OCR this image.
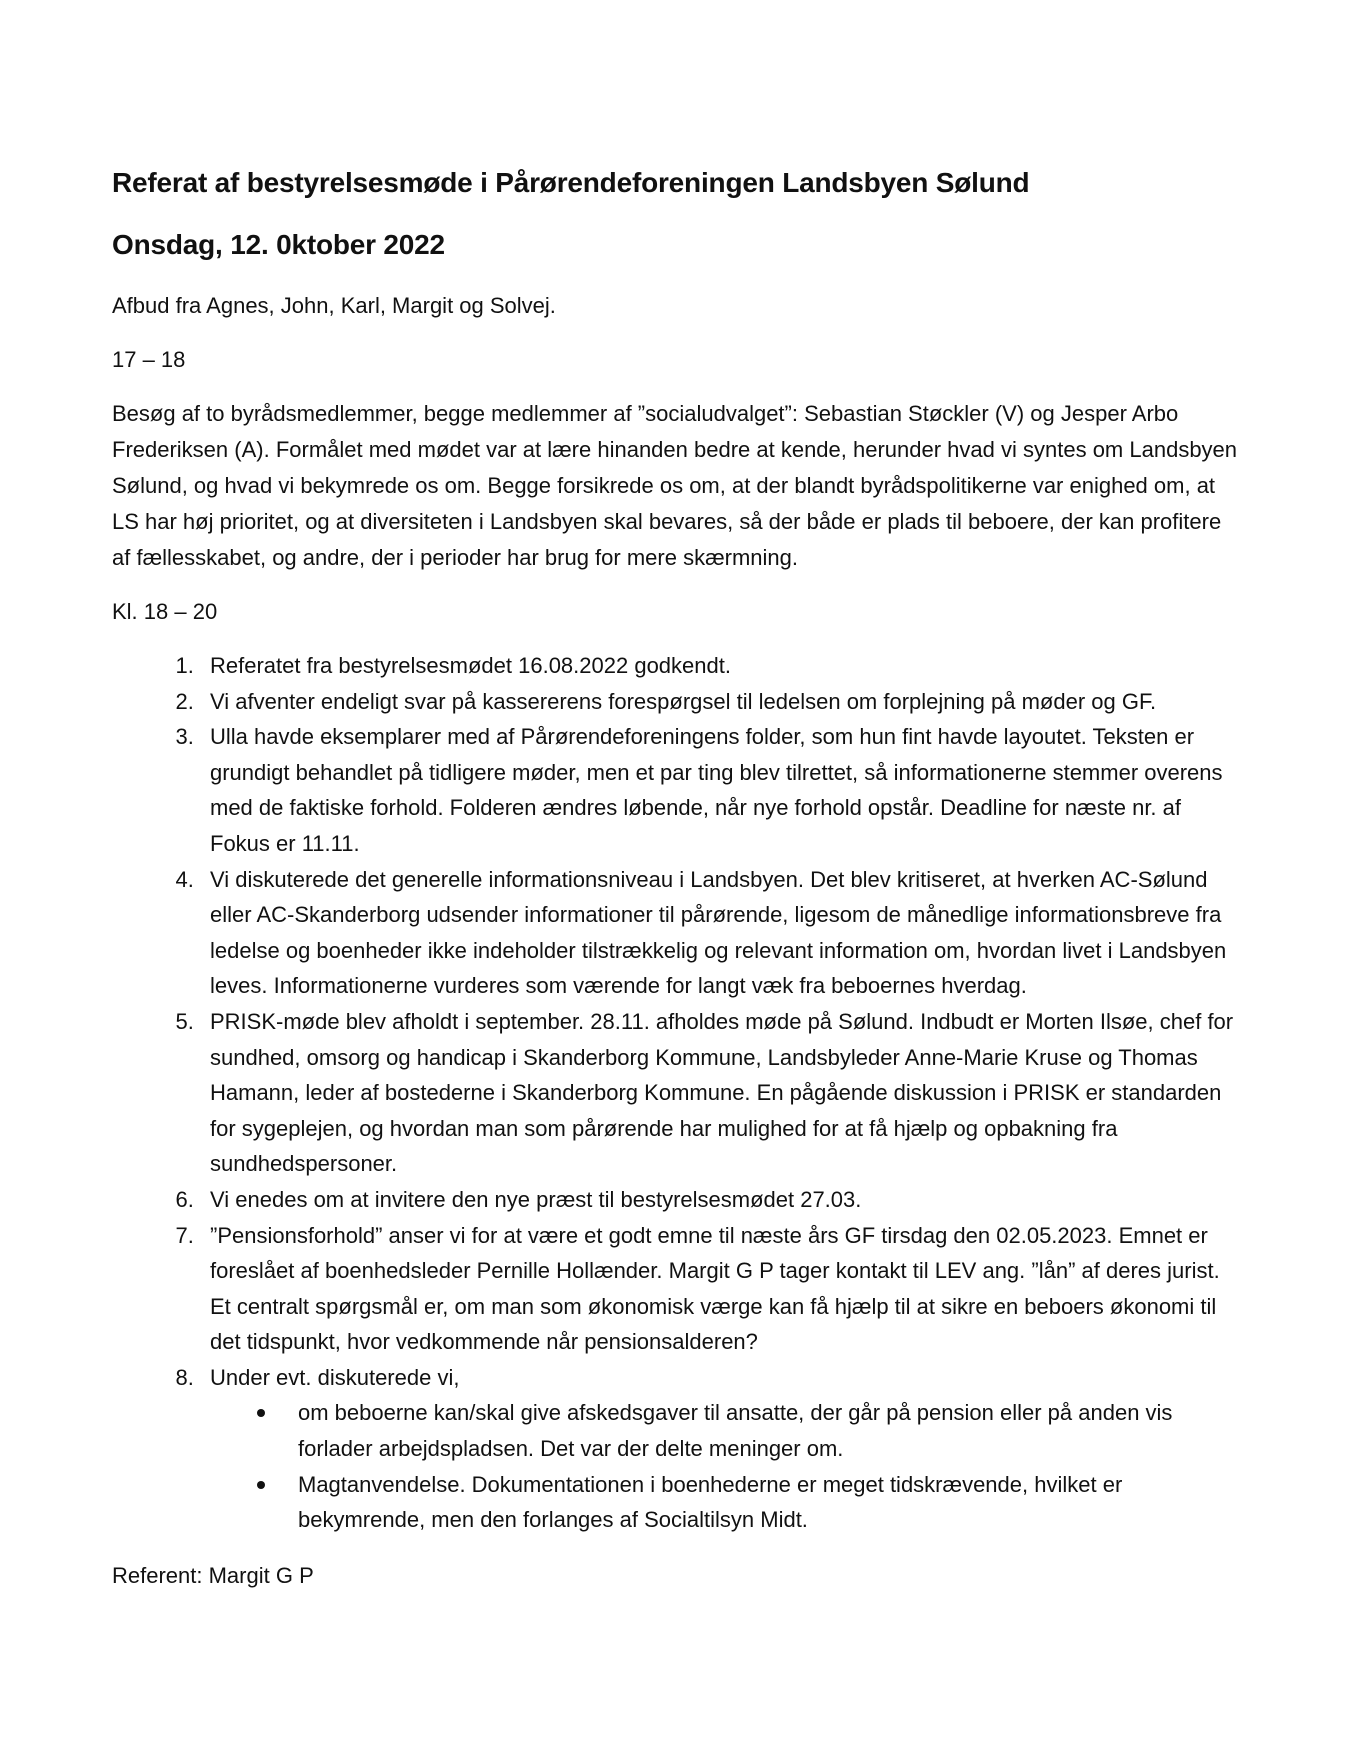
Referat af bestyrelsesmøde i Pårørendeforeningen Landsbyen Sølund
Onsdag, 12. 0ktober 2022

Afbud fra Agnes, John, Karl, Margit og Solvej.

17 – 18

Besøg af to byrådsmedlemmer, begge medlemmer af ”socialudvalget”: Sebastian Støckler (V) og Jesper Arbo Frederiksen (A). Formålet med mødet var at lære hinanden bedre at kende, herunder hvad vi syntes om Landsbyen Sølund, og hvad vi bekymrede os om. Begge forsikrede os om, at der blandt byrådspolitikerne var enighed om, at LS har høj prioritet, og at diversiteten i Landsbyen skal bevares, så der både er plads til beboere, der kan profitere af fællesskabet, og andre, der i perioder har brug for mere skærmning.

Kl. 18 – 20

1. Referatet fra bestyrelsesmødet 16.08.2022 godkendt.
2. Vi afventer endeligt svar på kassererens forespørgsel til ledelsen om forplejning på møder og GF.
3. Ulla havde eksemplarer med af Pårørendeforeningens folder, som hun fint havde layoutet. Teksten er grundigt behandlet på tidligere møder, men et par ting blev tilrettet, så informationerne stemmer overens med de faktiske forhold. Folderen ændres løbende, når nye forhold opstår. Deadline for næste nr. af Fokus er 11.11.
4. Vi diskuterede det generelle informationsniveau i Landsbyen. Det blev kritiseret, at hverken AC-Sølund eller AC-Skanderborg udsender informationer til pårørende, ligesom de månedlige informationsbreve fra ledelse og boenheder ikke indeholder tilstrækkelig og relevant information om, hvordan livet i Landsbyen leves. Informationerne vurderes som værende for langt væk fra beboernes hverdag.
5. PRISK-møde blev afholdt i september. 28.11. afholdes møde på Sølund. Indbudt er Morten Ilsøe, chef for sundhed, omsorg og handicap i Skanderborg Kommune, Landsbyleder Anne-Marie Kruse og Thomas Hamann, leder af bostederne i Skanderborg Kommune. En pågående diskussion i PRISK er standarden for sygeplejen, og hvordan man som pårørende har mulighed for at få hjælp og opbakning fra sundhedspersoner.
6. Vi enedes om at invitere den nye præst til bestyrelsesmødet 27.03.
7. ”Pensionsforhold” anser vi for at være et godt emne til næste års GF tirsdag den 02.05.2023. Emnet er foreslået af boenhedsleder Pernille Hollænder. Margit G P tager kontakt til LEV ang. ”lån” af deres jurist. Et centralt spørgsmål er, om man som økonomisk værge kan få hjælp til at sikre en beboers økonomi til det tidspunkt, hvor vedkommende når pensionsalderen?
8. Under evt. diskuterede vi,
om beboerne kan/skal give afskedsgaver til ansatte, der går på pension eller på anden vis forlader arbejdspladsen. Det var der delte meninger om.
Magtanvendelse. Dokumentationen i boenhederne er meget tidskrævende, hvilket er bekymrende, men den forlanges af Socialtilsyn Midt.

Referent: Margit G P
